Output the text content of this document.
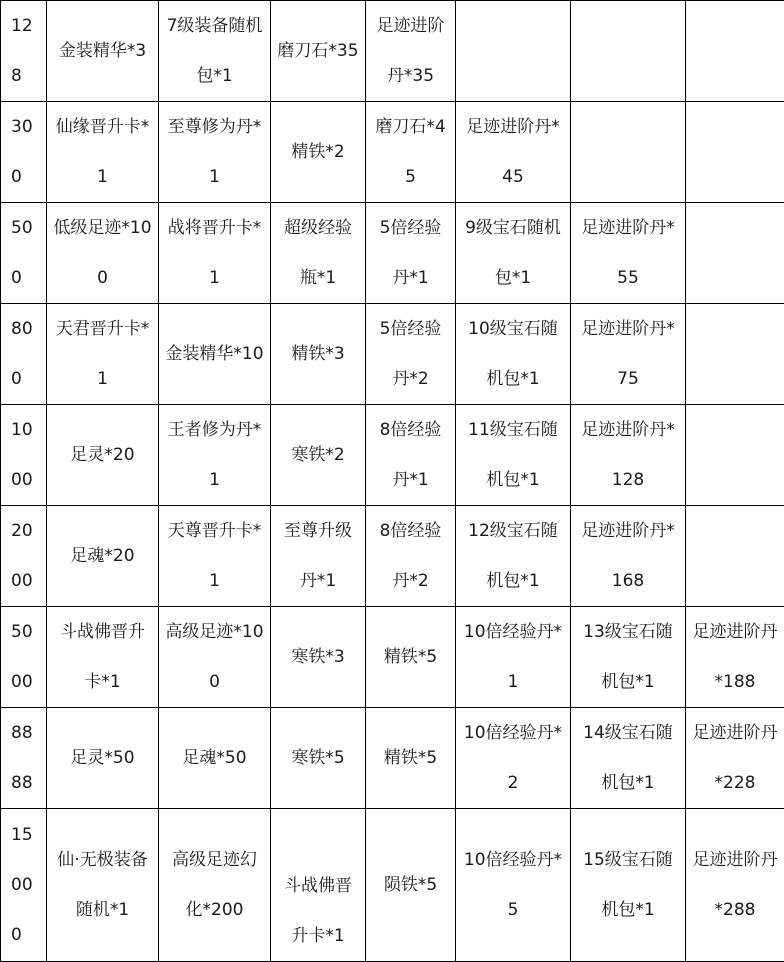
128	金装精华*3	7级装备随机包*1	磨刀石*35	足迹进阶丹*35			
300	仙缘晋升卡*1	至尊修为丹*1	精铁*2	磨刀石*45	足迹进阶丹*45		
500	低级足迹*100	战将晋升卡*1	超级经验瓶*1	5倍经验丹*1	9级宝石随机包*1	足迹进阶丹*55	
800	天君晋升卡*1	金装精华*10	精铁*3	5倍经验丹*2	10级宝石随机包*1	足迹进阶丹*75	
1000	足灵*20	王者修为丹*1	寒铁*2	8倍经验丹*1	11级宝石随机包*1	足迹进阶丹*128	
2000	足魂*20	天尊晋升卡*1	至尊升级丹*1	8倍经验丹*2	12级宝石随机包*1	足迹进阶丹*168	
5000	斗战佛晋升卡*1	高级足迹*100	寒铁*3	精铁*5	10倍经验丹*1	13级宝石随机包*1	足迹进阶丹*188
8888	足灵*50	足魂*50	寒铁*5	精铁*5	10倍经验丹*2	14级宝石随机包*1	足迹进阶丹*228
15000	仙·无极装备随机*1	高级足迹幻化*200	斗战佛晋升卡*1	陨铁*5	10倍经验丹*5	15级宝石随机包*1	足迹进阶丹*288
